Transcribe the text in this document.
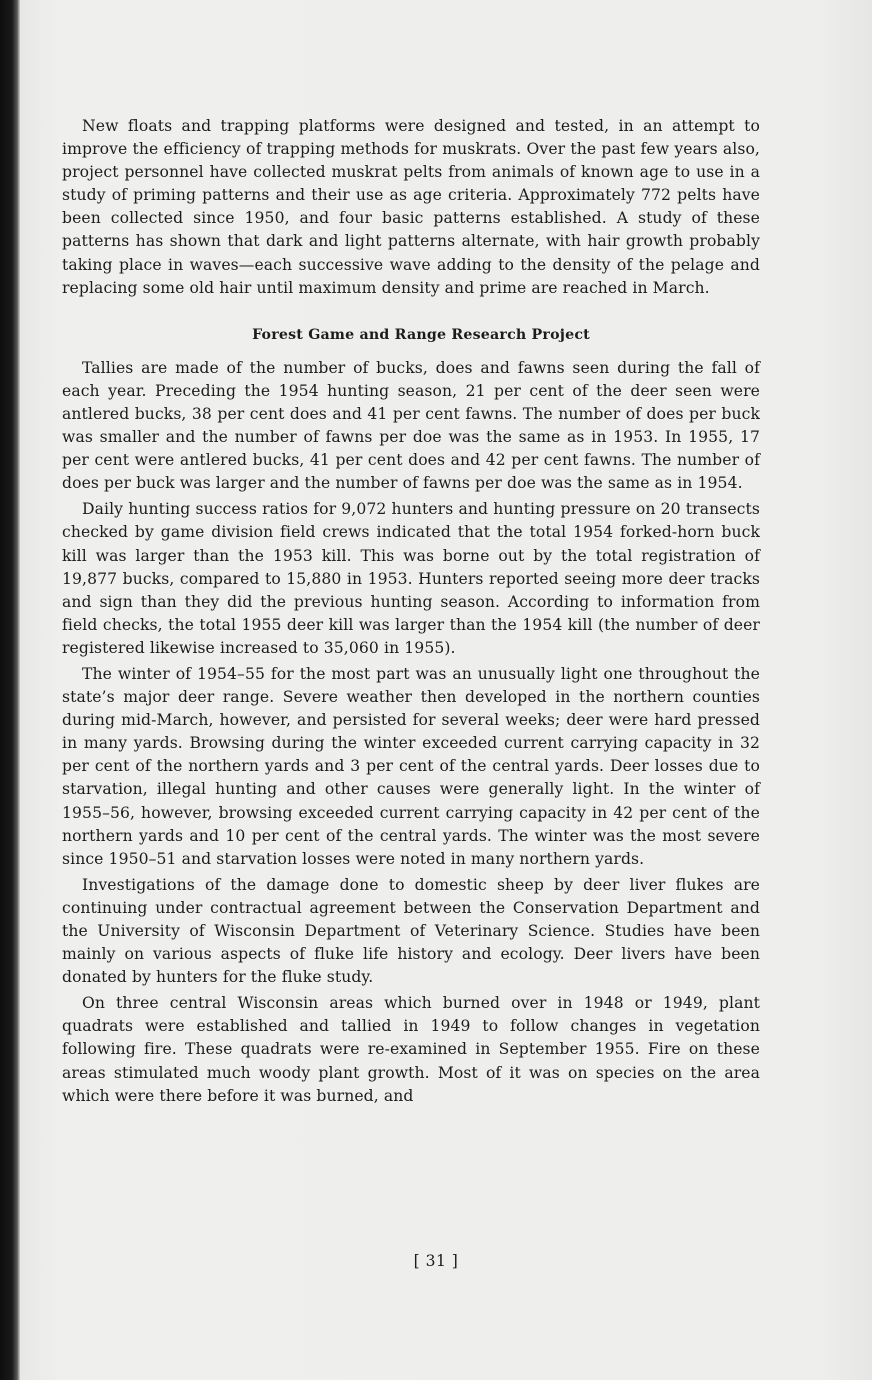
New floats and trapping platforms were designed and tested, in an attempt to improve the efficiency of trapping methods for muskrats. Over the past few years also, project personnel have collected muskrat pelts from animals of known age to use in a study of priming patterns and their use as age criteria. Approximately 772 pelts have been collected since 1950, and four basic patterns established. A study of these patterns has shown that dark and light patterns alternate, with hair growth probably taking place in waves—each successive wave adding to the density of the pelage and replacing some old hair until maximum density and prime are reached in March.

Forest Game and Range Research Project

Tallies are made of the number of bucks, does and fawns seen during the fall of each year. Preceding the 1954 hunting season, 21 per cent of the deer seen were antlered bucks, 38 per cent does and 41 per cent fawns. The number of does per buck was smaller and the number of fawns per doe was the same as in 1953. In 1955, 17 per cent were antlered bucks, 41 per cent does and 42 per cent fawns. The number of does per buck was larger and the number of fawns per doe was the same as in 1954.

Daily hunting success ratios for 9,072 hunters and hunting pressure on 20 transects checked by game division field crews indicated that the total 1954 forked-horn buck kill was larger than the 1953 kill. This was borne out by the total registration of 19,877 bucks, compared to 15,880 in 1953. Hunters reported seeing more deer tracks and sign than they did the previous hunting season. According to information from field checks, the total 1955 deer kill was larger than the 1954 kill (the number of deer registered likewise increased to 35,060 in 1955).

The winter of 1954–55 for the most part was an unusually light one throughout the state’s major deer range. Severe weather then developed in the northern counties during mid-March, however, and persisted for several weeks; deer were hard pressed in many yards. Browsing during the winter exceeded current carrying capacity in 32 per cent of the northern yards and 3 per cent of the central yards. Deer losses due to starvation, illegal hunting and other causes were generally light. In the winter of 1955–56, however, browsing exceeded current carrying capacity in 42 per cent of the northern yards and 10 per cent of the central yards. The winter was the most severe since 1950–51 and starvation losses were noted in many northern yards.

Investigations of the damage done to domestic sheep by deer liver flukes are continuing under contractual agreement between the Conservation Department and the University of Wisconsin Department of Veterinary Science. Studies have been mainly on various aspects of fluke life history and ecology. Deer livers have been donated by hunters for the fluke study.

On three central Wisconsin areas which burned over in 1948 or 1949, plant quadrats were established and tallied in 1949 to follow changes in vegetation following fire. These quadrats were re-examined in September 1955. Fire on these areas stimulated much woody plant growth. Most of it was on species on the area which were there before it was burned, and

[ 31 ]
